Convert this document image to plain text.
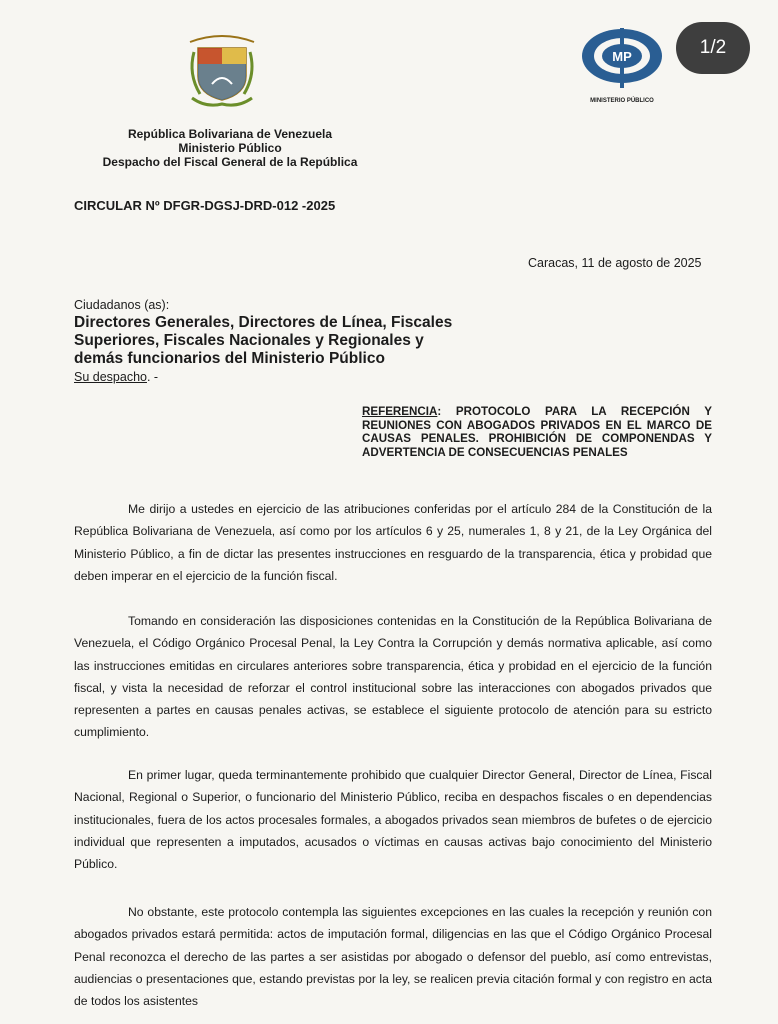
1/2
MP
MINISTERIO PÚBLICO
República Bolivariana de Venezuela
Ministerio Público
Despacho del Fiscal General de la República
CIRCULAR Nº DFGR-DGSJ-DRD-012 -2025
Caracas, 11 de agosto de 2025
Ciudadanos (as):
Directores Generales, Directores de Línea, Fiscales Superiores, Fiscales Nacionales y Regionales y demás funcionarios del Ministerio Público
Su despacho. -
REFERENCIA: PROTOCOLO PARA LA RECEPCIÓN Y REUNIONES CON ABOGADOS PRIVADOS EN EL MARCO DE CAUSAS PENALES. PROHIBICIÓN DE COMPONENDAS Y ADVERTENCIA DE CONSECUENCIAS PENALES
Me dirijo a ustedes en ejercicio de las atribuciones conferidas por el artículo 284 de la Constitución de la República Bolivariana de Venezuela, así como por los artículos 6 y 25, numerales 1, 8 y 21, de la Ley Orgánica del Ministerio Público, a fin de dictar las presentes instrucciones en resguardo de la transparencia, ética y probidad que deben imperar en el ejercicio de la función fiscal.
Tomando en consideración las disposiciones contenidas en la Constitución de la República Bolivariana de Venezuela, el Código Orgánico Procesal Penal, la Ley Contra la Corrupción y demás normativa aplicable, así como las instrucciones emitidas en circulares anteriores sobre transparencia, ética y probidad en el ejercicio de la función fiscal, y vista la necesidad de reforzar el control institucional sobre las interacciones con abogados privados que representen a partes en causas penales activas, se establece el siguiente protocolo de atención para su estricto cumplimiento.
En primer lugar, queda terminantemente prohibido que cualquier Director General, Director de Línea, Fiscal Nacional, Regional o Superior, o funcionario del Ministerio Público, reciba en despachos fiscales o en dependencias institucionales, fuera de los actos procesales formales, a abogados privados sean miembros de bufetes o de ejercicio individual que representen a imputados, acusados o víctimas en causas activas bajo conocimiento del Ministerio Público.
No obstante, este protocolo contempla las siguientes excepciones en las cuales la recepción y reunión con abogados privados estará permitida: actos de imputación formal, diligencias en las que el Código Orgánico Procesal Penal reconozca el derecho de las partes a ser asistidas por abogado o defensor del pueblo, así como entrevistas, audiencias o presentaciones que, estando previstas por la ley, se realicen previa citación formal y con registro en acta de todos los asistentes
